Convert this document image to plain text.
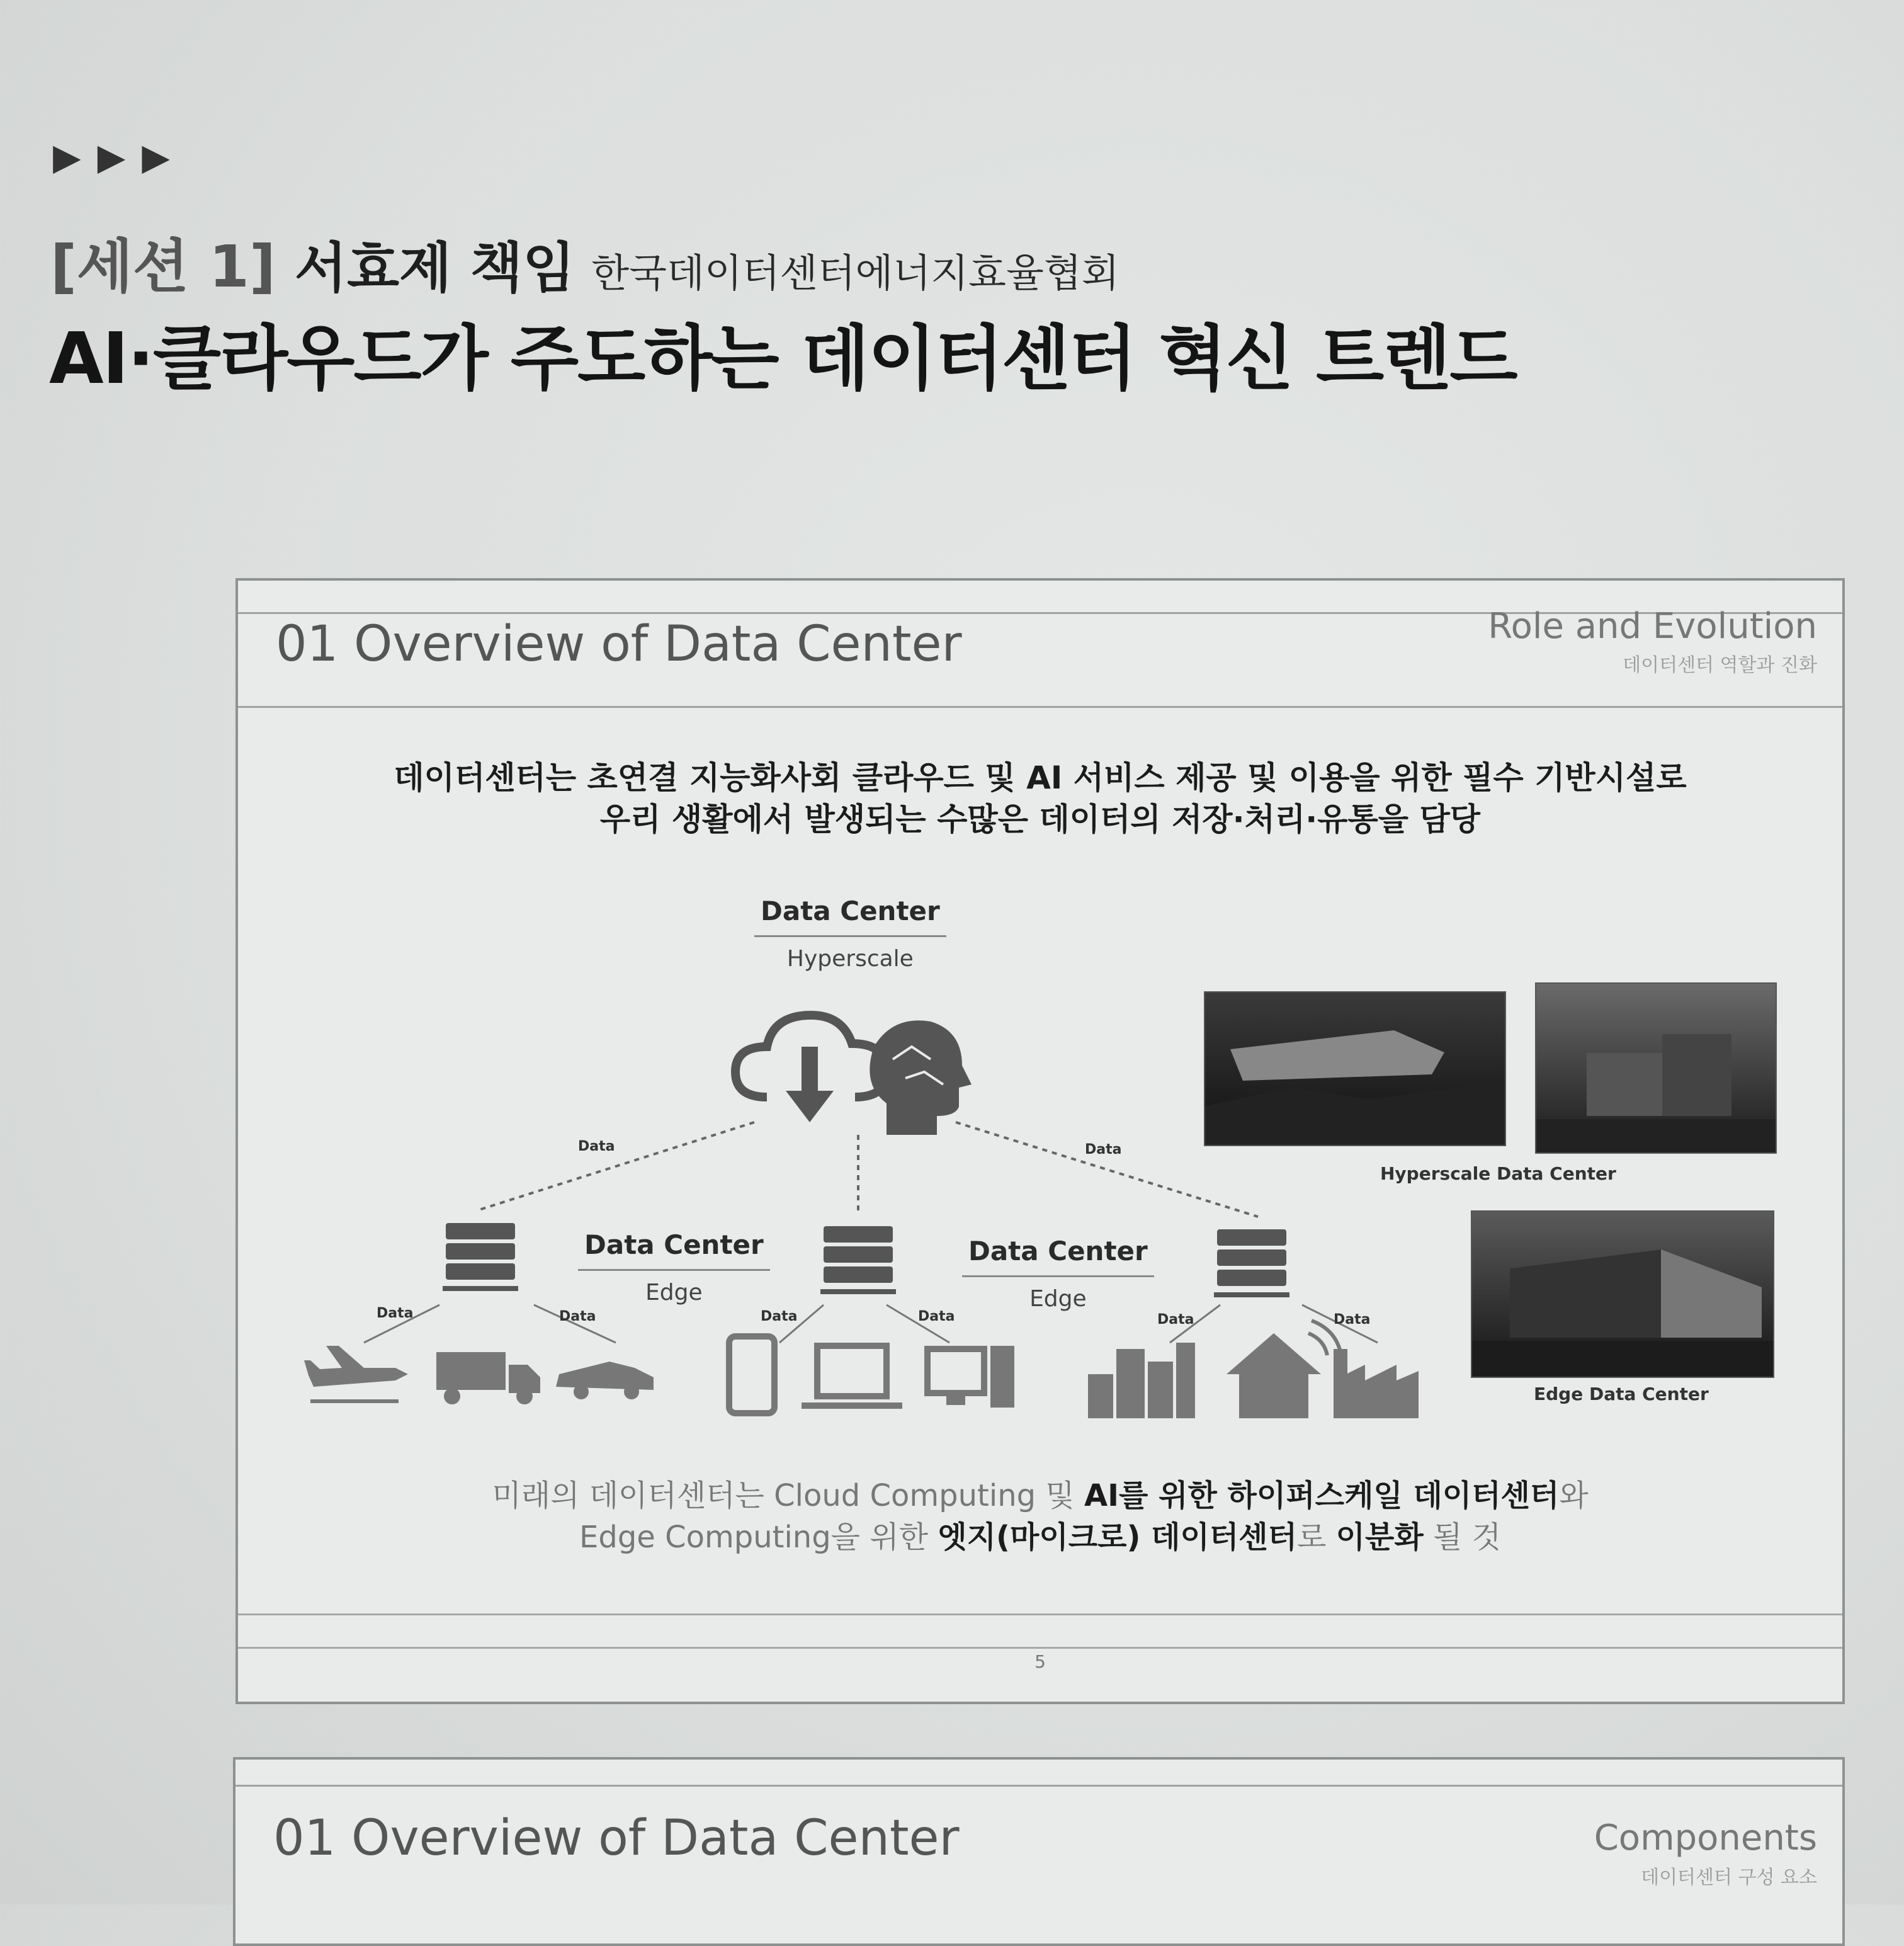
▶ ▶ ▶
[세션 1] 서효제 책임 한국데이터센터에너지효율협회
AI·클라우드가 주도하는 데이터센터 혁신 트렌드
01 Overview of Data Center	Role and Evolution
데이터센터 역할과 진화
데이터센터는 초연결 지능화사회 클라우드 및 AI 서비스 제공 및 이용을 위한 필수 기반시설로
우리 생활에서 발생되는 수많은 데이터의 저장·처리·유통을 담당
Data Center
Hyperscale
Data Center
Edge
Data Center
Edge
Data	Data
Data	Data	Data	Data	Data	Data
Hyperscale Data Center
Edge Data Center
미래의 데이터센터는 Cloud Computing 및 AI를 위한 하이퍼스케일 데이터센터와
Edge Computing을 위한 엣지(마이크로) 데이터센터로 이분화 될 것
5
01 Overview of Data Center	Components
데이터센터 구성 요소
